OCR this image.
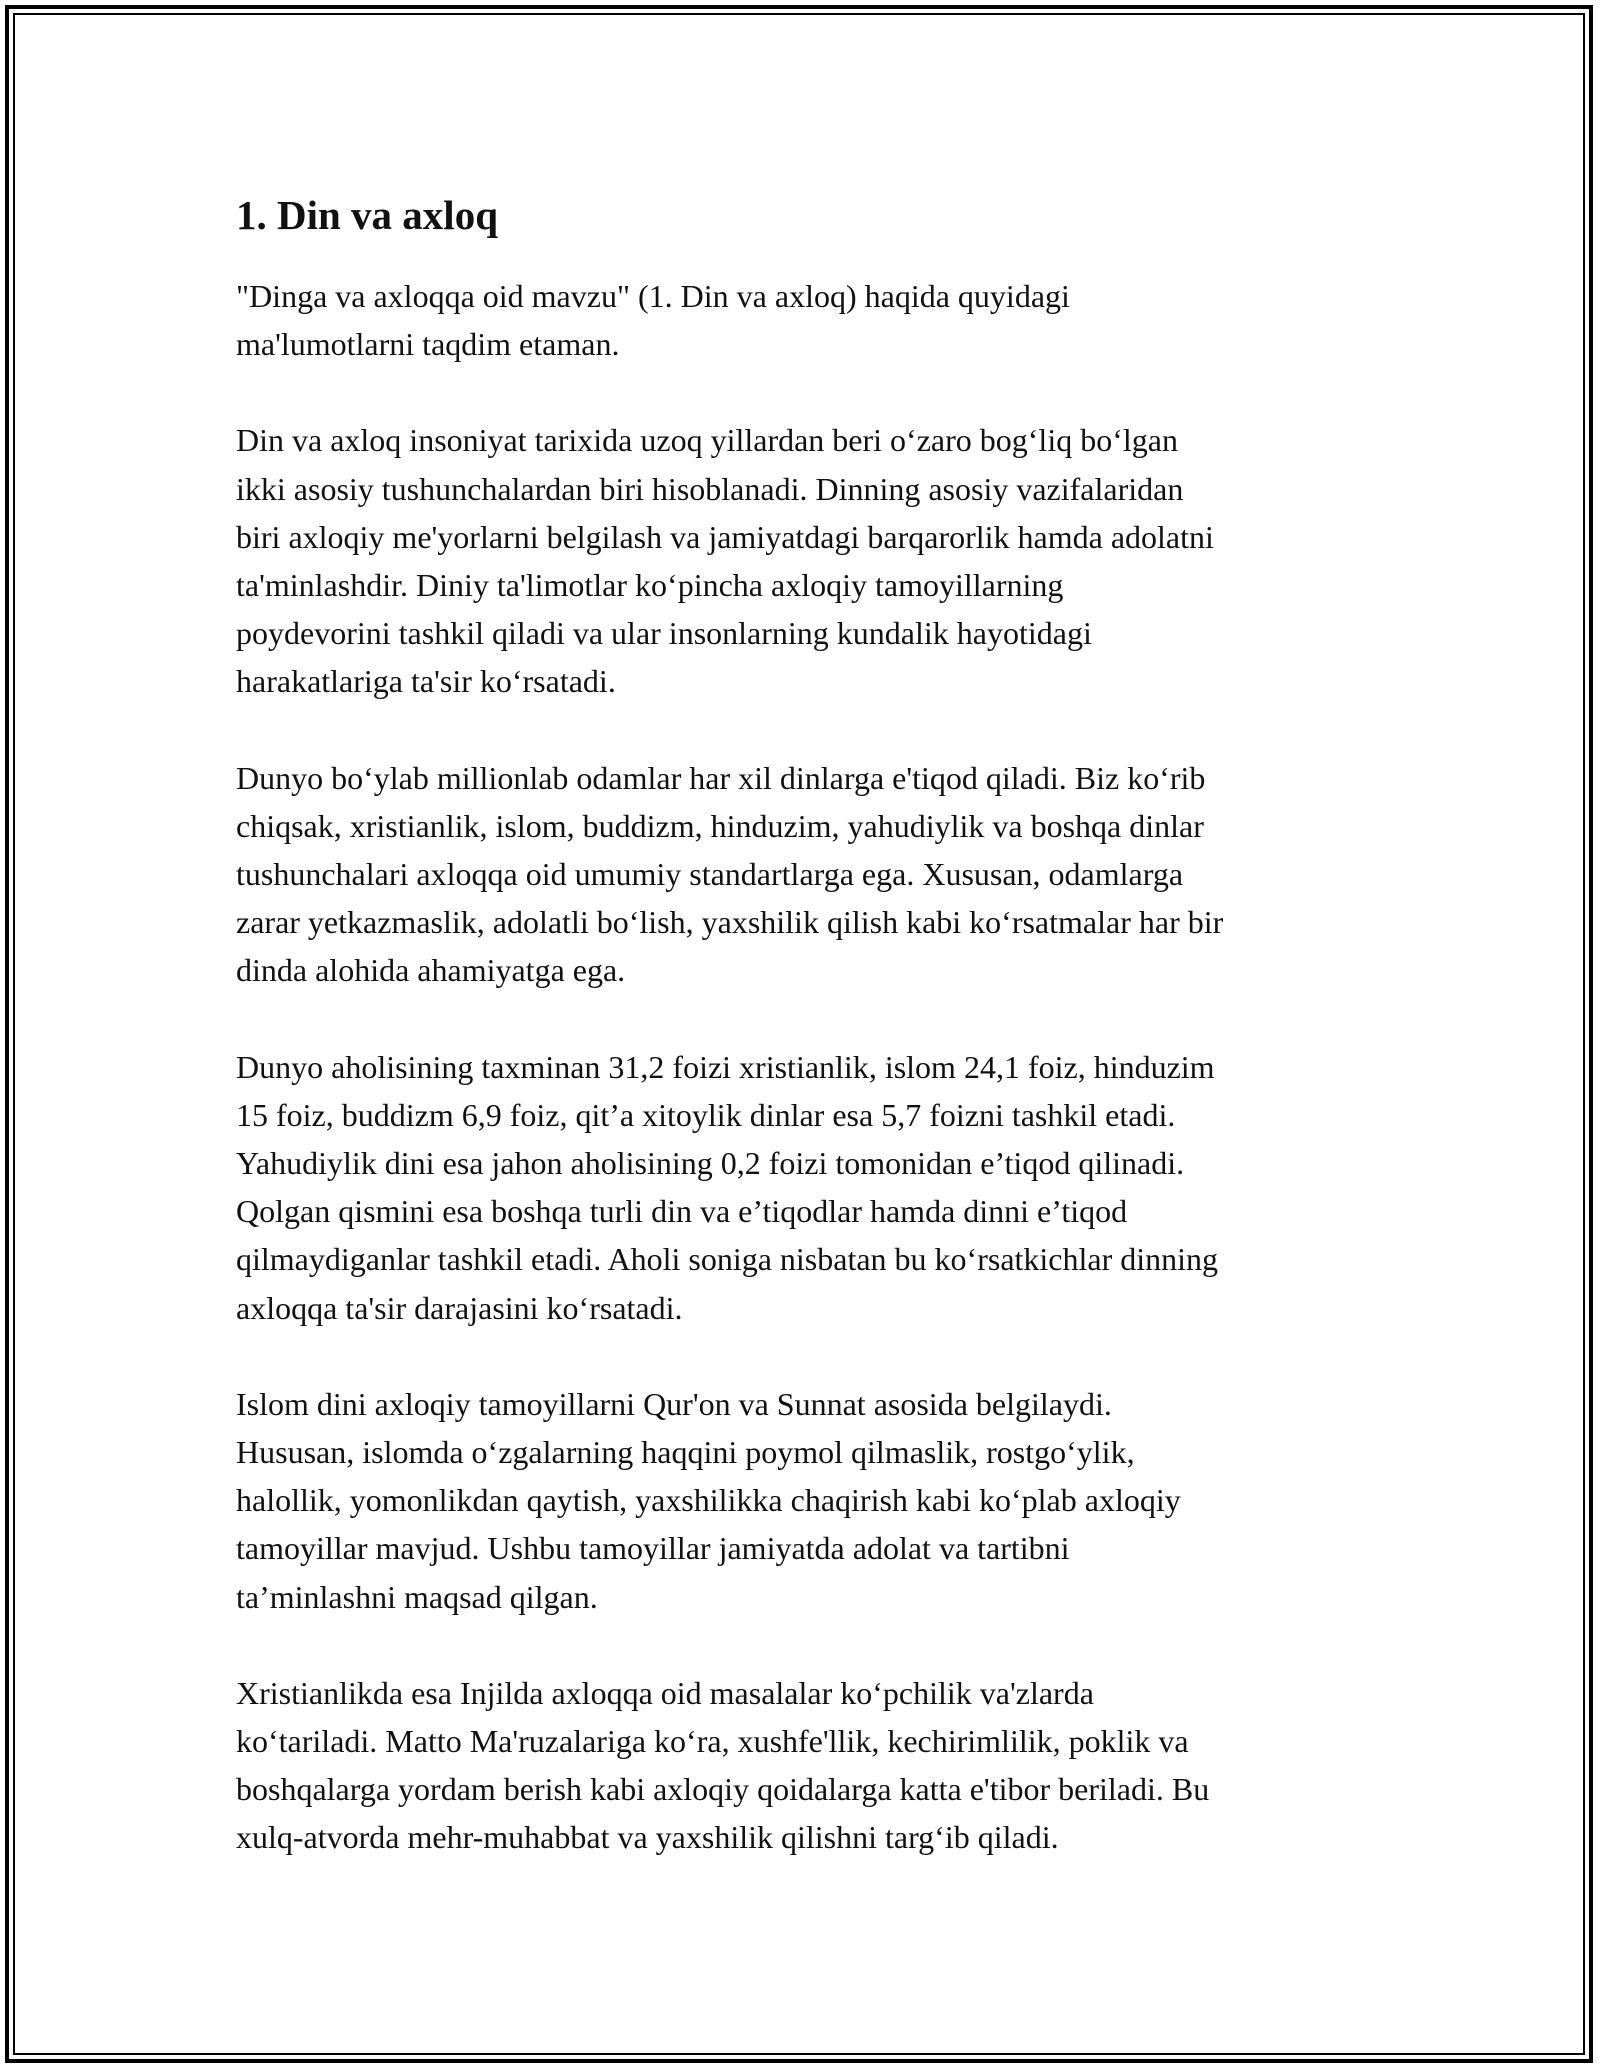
1. Din va axloq

"Dinga va axloqqa oid mavzu" (1. Din va axloq) haqida quyidagi
ma'lumotlarni taqdim etaman.

Din va axloq insoniyat tarixida uzoq yillardan beri o‘zaro bog‘liq bo‘lgan
ikki asosiy tushunchalardan biri hisoblanadi. Dinning asosiy vazifalaridan
biri axloqiy me'yorlarni belgilash va jamiyatdagi barqarorlik hamda adolatni
ta'minlashdir. Diniy ta'limotlar ko‘pincha axloqiy tamoyillarning
poydevorini tashkil qiladi va ular insonlarning kundalik hayotidagi
harakatlariga ta'sir ko‘rsatadi.

Dunyo bo‘ylab millionlab odamlar har xil dinlarga e'tiqod qiladi. Biz ko‘rib
chiqsak, xristianlik, islom, buddizm, hinduzim, yahudiylik va boshqa dinlar
tushunchalari axloqqa oid umumiy standartlarga ega. Xususan, odamlarga
zarar yetkazmaslik, adolatli bo‘lish, yaxshilik qilish kabi ko‘rsatmalar har bir
dinda alohida ahamiyatga ega.

Dunyo aholisining taxminan 31,2 foizi xristianlik, islom 24,1 foiz, hinduzim
15 foiz, buddizm 6,9 foiz, qit’a xitoylik dinlar esa 5,7 foizni tashkil etadi.
Yahudiylik dini esa jahon aholisining 0,2 foizi tomonidan e’tiqod qilinadi.
Qolgan qismini esa boshqa turli din va e’tiqodlar hamda dinni e’tiqod
qilmaydiganlar tashkil etadi. Aholi soniga nisbatan bu ko‘rsatkichlar dinning
axloqqa ta'sir darajasini ko‘rsatadi.

Islom dini axloqiy tamoyillarni Qur'on va Sunnat asosida belgilaydi.
Hususan, islomda o‘zgalarning haqqini poymol qilmaslik, rostgo‘ylik,
halollik, yomonlikdan qaytish, yaxshilikka chaqirish kabi ko‘plab axloqiy
tamoyillar mavjud. Ushbu tamoyillar jamiyatda adolat va tartibni
ta’minlashni maqsad qilgan.

Xristianlikda esa Injilda axloqqa oid masalalar ko‘pchilik va'zlarda
ko‘tariladi. Matto Ma'ruzalariga ko‘ra, xushfe'llik, kechirimlilik, poklik va
boshqalarga yordam berish kabi axloqiy qoidalarga katta e'tibor beriladi. Bu
xulq-atvorda mehr-muhabbat va yaxshilik qilishni targ‘ib qiladi.
